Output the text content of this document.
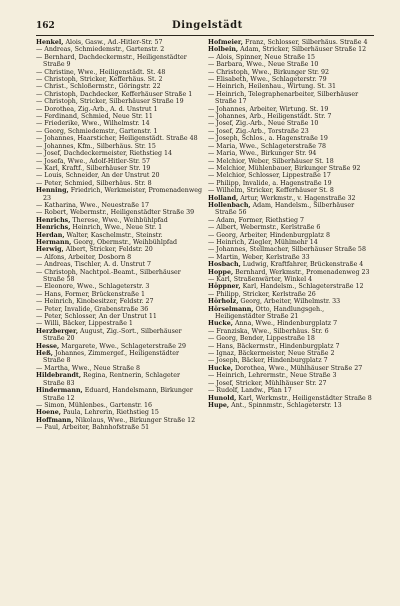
162	Dingelstädt
Henkel, Alois, Gasw., Ad.-Hitler-Str. 57
— Andreas, Schmiedemstr., Gartenstr. 2
— Bernhard, Dachdeckermstr., Heiligenstädter Straße 9
— Christine, Wwe., Heiligenstädt. St. 48
— Christoph, Stricker, Kefferhäus. St. 2
— Christ., Schloßermstr., Göringstr. 22
— Christoph, Dachdecker, Kefferhäuser Straße 1
— Christoph, Stricker, Silberhäuser Straße 19
— Dorothea, Zig.-Arb., A. d. Unstrut 1
— Ferdinand, Schmied, Neue Str. 11
— Friederike, Wwe., Wilhelmstr. 14
— Georg, Schmiedemstr., Gartenstr. 1
— Johannes, Haarsticher, Heiligenstädt. Straße 48
— Johannes, Kfm., Silberhäus. Str. 15
— Josef, Dachdeckermeister, Riethstieg 14
— Josefa, Wwe., Adolf-Hitler-Str. 57
— Karl, Kraftf., Silberhäuser Str. 19
— Louis, Schneider, An der Unstrut 20
— Peter, Schmied, Silberhäus. Str. 8
Henning, Friedrich, Werkmeister, Promenadenweg 23
— Katharina, Wwe., Neuestraße 17
— Robert, Webermstr., Heiligenstädter Straße 39
Henrichs, Therese, Wwe., Weihbühlpfad
Henrichs, Heinrich, Wwe., Neue Str. 1
Herdan, Walter, Kaschelmstr., Steinstr.
Hermann, Georg, Obermstr., Weihbühlpfad
Herwig, Albert, Stricker, Feldstr. 20
— Alfons, Arbeiter, Dosborn 8
— Andreas, Tischler, A. d. Unstrut 7
— Christoph, Nachtpol.-Beamt., Silberhäuser Straße 58
— Eleonore, Wwe., Schlageterstr. 3
— Hans, Former, Brückenstraße 1
— Heinrich, Kinobesitzer, Feldstr. 27
— Peter, Invalide, Grabenstraße 36
— Peter, Schlosser, An der Unstrut 11
— Willi, Bäcker, Lippestraße 1
Herzberger, August, Zig.-Sort., Silberhäuser Straße 20
Hesse, Margarete, Wwe., Schlageterstraße 29
Heß, Johannes, Zimmergef., Heiligenstädter Straße 8
— Martha, Wwe., Neue Straße 8
Hildebrandt, Regina, Rentnerin, Schlageter Straße 83
Hindermann, Eduard, Handelsmann, Birkunger Straße 12
— Simon, Mühlenbes., Gartenstr. 16
Hoene, Paula, Lehrerin, Riethstieg 15
Hoffmann, Nikolaus, Wwe., Birkunger Straße 12
— Paul, Arbeiter, Bahnhofstraße 51
Hofmeier, Franz, Schlosser, Silberhäus. Straße 4
Holbein, Adam, Stricker, Silberhäuser Straße 12
— Alois, Spinner, Neue Straße 15
— Barbara, Wwe., Neue Straße 10
— Christoph, Wwe., Birkunger Str. 92
— Elisabeth, Wwe., Schlageterstr. 79
— Heinrich, Heilenhau., Wirtung. St. 31
— Heinrich, Telegraphenarbeiter, Silberhäuser Straße 17
— Johannes, Arbeiter, Wirtung. St. 19
— Johannes, Arb., Heiligenstädt. Str. 7
— Josef, Zig.-Arb., Neue Straße 10
— Josef, Zig.-Arb., Torstraße 23
— Joseph, Schlos., a. Hagenstraße 19
— Maria, Wwe., Schlageterstraße 78
— Maria, Wwe., Birkunger Str. 94
— Melchior, Weber, Silberhäuser St. 18
— Melchior, Mühlenbauer, Birkunger Straße 92
— Melchior, Schlosser, Lippestraße 17
— Philipp, Invalide, a. Hagenstraße 19
— Wilhelm, Stricker, Kefferhäuser St. 8
Holland, Artur, Werkmstr., v. Hagenstraße 32
Hollenbach, Adam, Handelsm., Silberhäuser Straße 56
— Adam, Former, Riethstieg 7
— Albert, Webermstr., Kerlstraße 6
— Georg, Arbeiter, Hindenburgplatz 8
— Heinrich, Ziegler, Mühlmehr 14
— Johannes, Stellmacher, Silberhäuser Straße 58
— Martin, Weber, Kerlstraße 33
Hosbach, Ludwig, Kraftfahrer, Brückenstraße 4
Hoppe, Bernhard, Werkmstr., Promenadenweg 23
— Karl, Straßenwärter, Winkel 4
Höppner, Karl, Handelsm., Schlageterstraße 12
— Philipp, Stricker, Kerlstraße 26
Hörholz, Georg, Arbeiter, Wilhelmstr. 33
Hörselmann, Otto, Handlungsgeh., Heiligenstädter Straße 21
Hucke, Anna, Wwe., Hindenburgplatz 7
— Franziska, Wwe., Silberhäus. Str. 6
— Georg, Bender, Lippestraße 18
— Hans, Bäckermstr., Hindenburgplatz 7
— Ignaz, Bäckermeister, Neue Straße 2
— Joseph, Bäcker, Hindenburgplatz 7
Hucke, Dorothea, Wwe., Mühlhäuser Straße 27
— Heinrich, Lehrermstr., Neue Straße 3
— Josef, Stricker, Mühlhäuser Str. 27
— Rudolf, Landw., Plan 17
Hunold, Karl, Werkmstr., Heiligenstädter Straße 8
Hupe, Ant., Spinnmstr., Schlageterstr. 13
